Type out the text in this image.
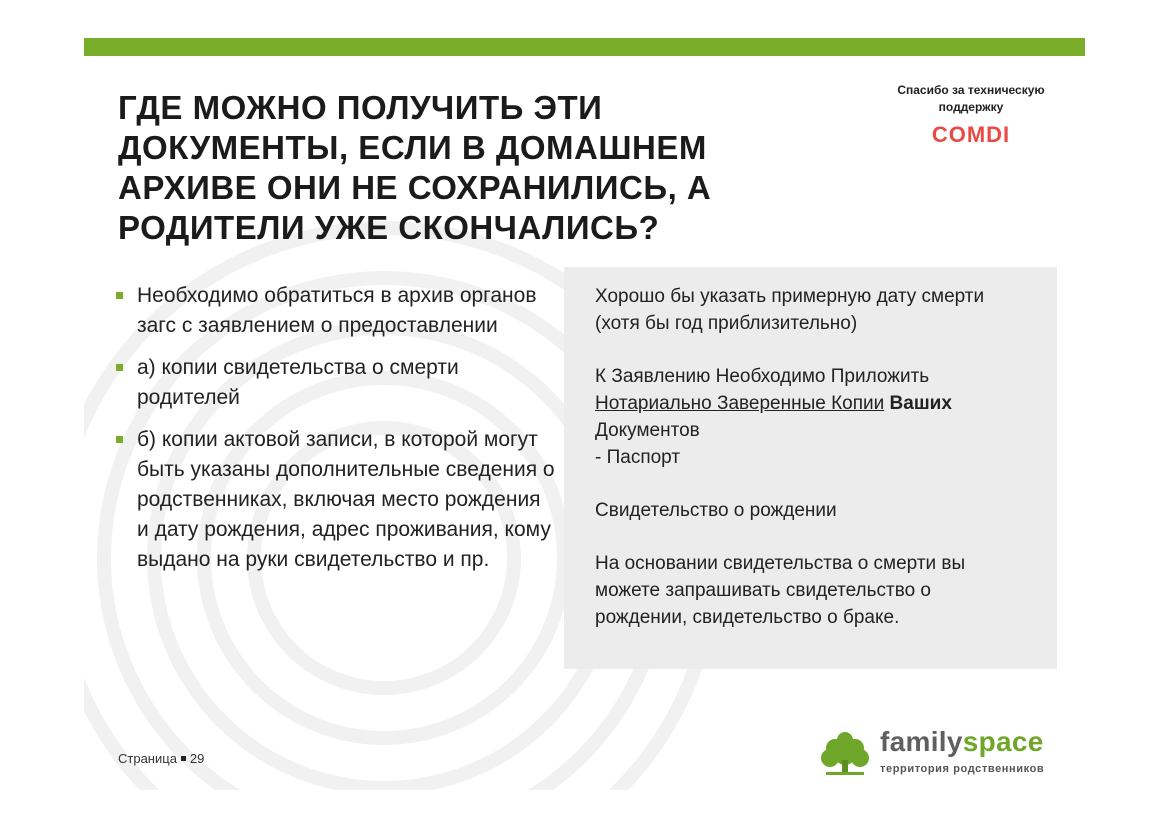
ГДЕ МОЖНО ПОЛУЧИТЬ ЭТИ ДОКУМЕНТЫ, ЕСЛИ В ДОМАШНЕМ АРХИВЕ ОНИ НЕ СОХРАНИЛИСЬ, А РОДИТЕЛИ УЖЕ СКОНЧАЛИСЬ?
Спасибо за техническую поддержку
COMDI
Необходимо обратиться в архив органов загс с заявлением о предоставлении
а) копии свидетельства о смерти родителей
б) копии актовой записи, в которой могут быть указаны дополнительные сведения о родственниках, включая место рождения и дату рождения, адрес проживания, кому выдано на руки свидетельство и пр.

Хорошо бы указать примерную дату смерти (хотя бы год приблизительно)

К Заявлению Необходимо Приложить
Нотариально Заверенные Копии Ваших
Документов
- Паспорт

Свидетельство о рождении

На основании свидетельства о смерти вы можете запрашивать свидетельство о рождении, свидетельство о браке.

Страница 29
familyspace
территория родственников
